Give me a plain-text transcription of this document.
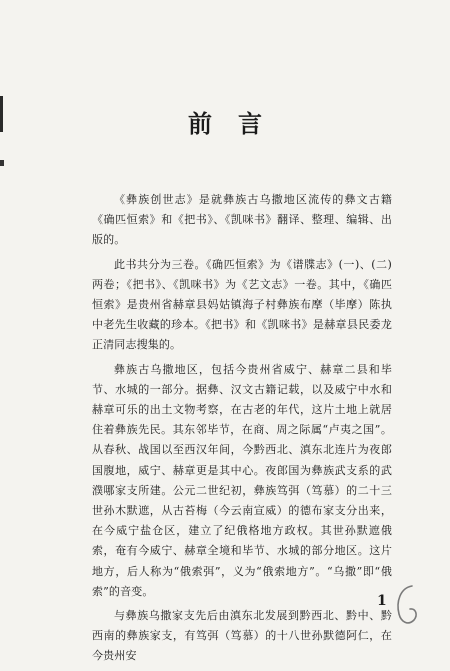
前言

《彝族创世志》是就彝族古乌撒地区流传的彝文古籍《确匹恒索》和《把书》、《凯咪书》翻译、整理、编辑、出版的。

此书共分为三卷。《确匹恒索》为《谱牒志》(一)、(二)两卷；《把书》、《凯咪书》为《艺文志》一卷。其中，《确匹恒索》是贵州省赫章县妈姑镇海子村彝族布摩（毕摩）陈执中老先生收藏的珍本。《把书》和《凯咪书》是赫章县民委龙正清同志搜集的。

彝族古乌撒地区，包括今贵州省威宁、赫章二县和毕节、水城的一部分。据彝、汉文古籍记载，以及威宁中水和赫章可乐的出土文物考察，在古老的年代，这片土地上就居住着彝族先民。其东邻毕节，在商、周之际属“卢夷之国”。从春秋、战国以至西汉年间，今黔西北、滇东北连片为夜郎国腹地，威宁、赫章更是其中心。夜郎国为彝族武支系的武濮哪家支所建。公元二世纪初，彝族笃弭（笃慕）的二十三世孙木默遮，从古苔梅（今云南宣威）的德布家支分出来，在今威宁盐仓区，建立了纪俄格地方政权。其世孙默遮俄索，奄有今威宁、赫章全境和毕节、水城的部分地区。这片地方，后人称为“俄索弭”，义为“俄索地方”。“乌撒”即“俄索”的音变。

与彝族乌撒家支先后由滇东北发展到黔西北、黔中、黔西南的彝族家支，有笃弭（笃慕）的十八世孙默德阿仁，在今贵州安

1
